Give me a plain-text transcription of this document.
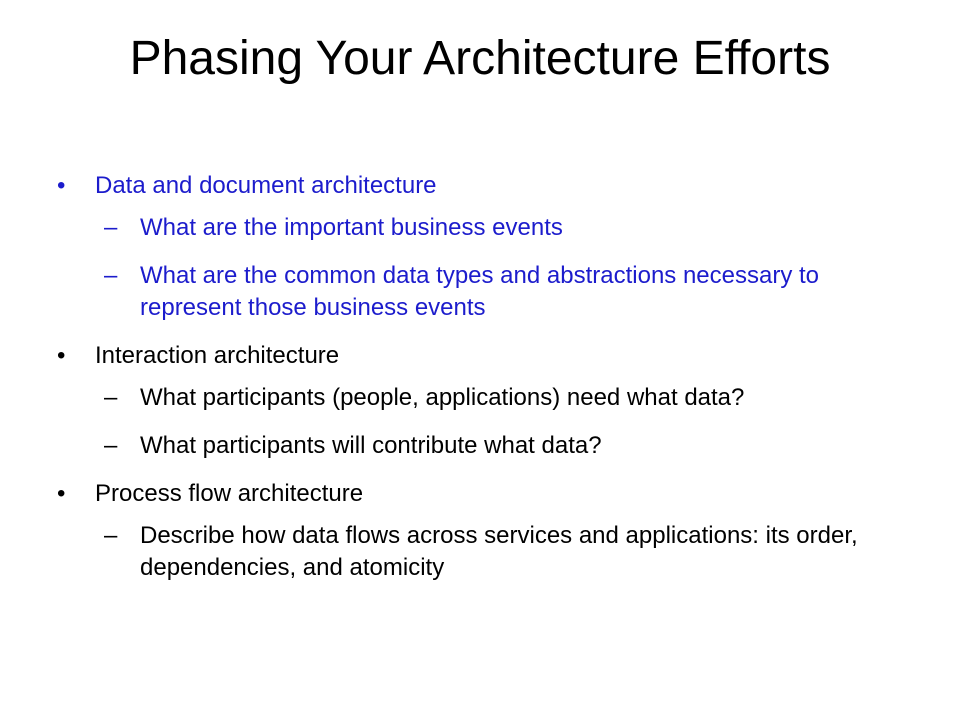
Phasing Your Architecture Efforts
• Data and document architecture
– What are the important business events
– What are the common data types and abstractions necessary to represent those business events
• Interaction architecture
– What participants (people, applications) need what data?
– What participants will contribute what data?
• Process flow architecture
– Describe how data flows across services and applications: its order, dependencies, and atomicity
